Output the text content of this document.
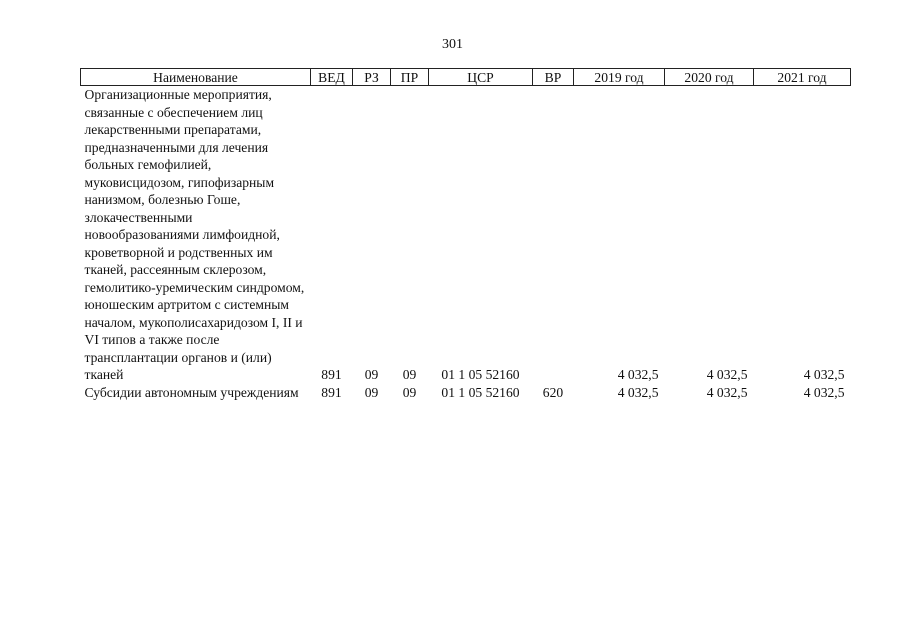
301
Наименование	ВЕД	РЗ	ПР	ЦСР	ВР	2019 год	2020 год	2021 год

Организационные мероприятия, связанные с обеспечением лиц лекарственными препаратами, предназначенными для лечения больных гемофилией, муковисцидозом, гипофизарным нанизмом, болезнью Гоше, злокачественными новообразованиями лимфоидной, кроветворной и родственных им тканей, рассеянным склерозом, гемолитико-уремическим синдромом, юношеским артритом с системным началом, мукополисахаридозом I, II и VI типов а также после трансплантации органов и (или) тканей	891	09	09	01 1 05 52160		4 032,5	4 032,5	4 032,5

Субсидии автономным учреждениям	891	09	09	01 1 05 52160	620	4 032,5	4 032,5	4 032,5
